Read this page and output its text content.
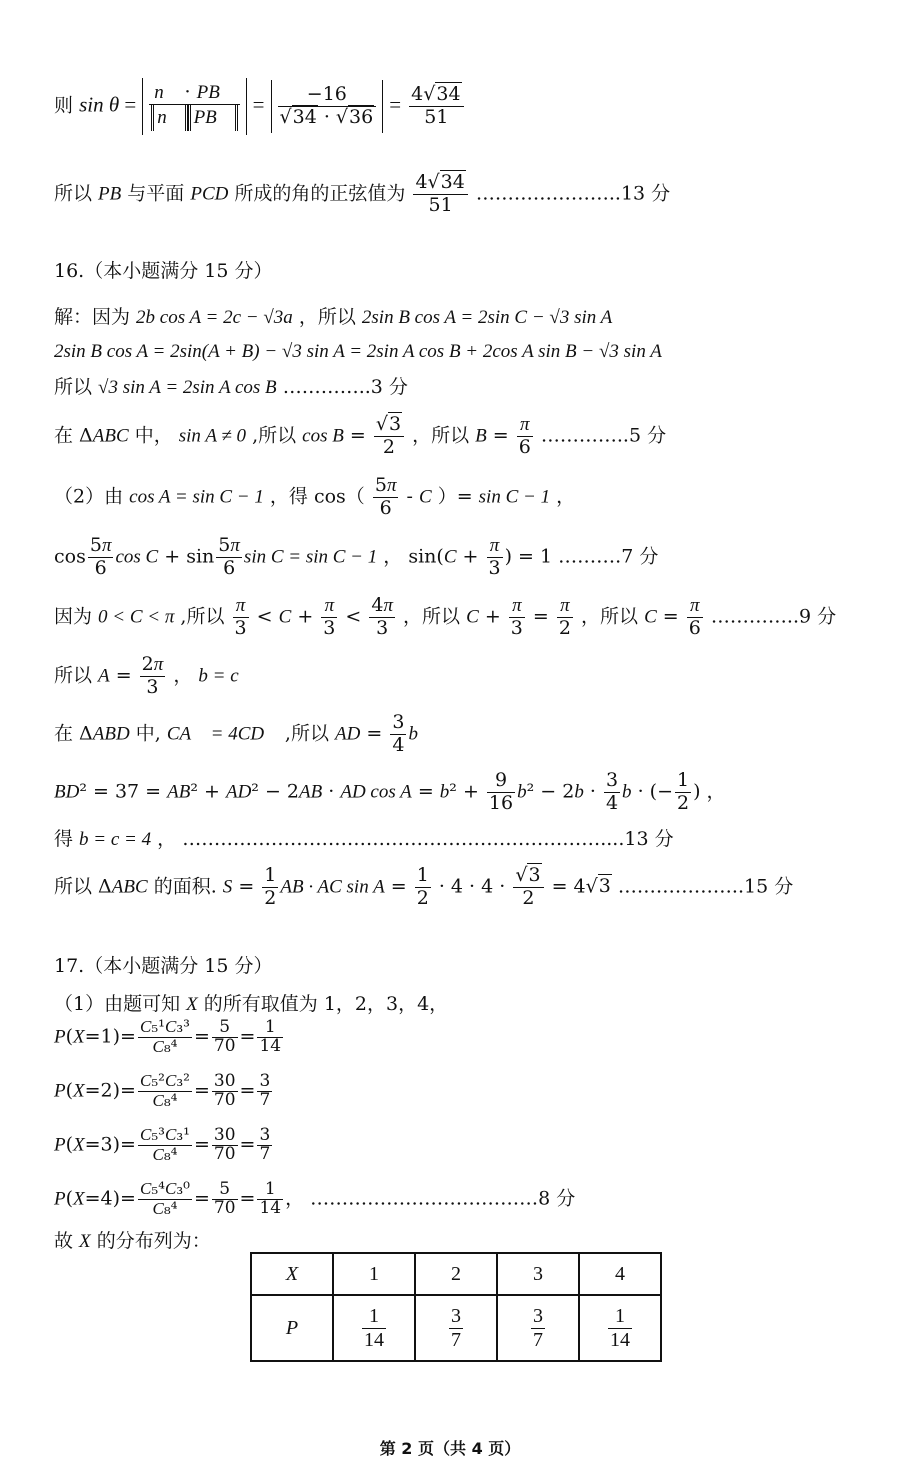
则 $\sin \theta = \frac{n⃗ \cdot PB⃗}{n⃗ PB⃗} = \frac{-16}{√34 \cdot √36} = \frac{4√34}{51}$
所以 PB 与平面 PCD 所成的角的正弦值为 $\frac{4√34}{51}$ …………………..13 分
16.（本小题满分 15 分）
解：因为 2b cos A = 2c − √3a ，所以 2sin B cos A = 2sin C − √3 sin A
2sin B cos A = 2sin(A + B) − √3 sin A = 2sin A cos B + 2cos A sin B − √3 sin A
所以 √3 sin A = 2sin A cos B …………..3 分
在 ΔABC 中， sin A ≠ 0 ,所以 $\cos B = \frac{√3}{2}$ ，所以 $B = \frac{\pi}{6}$ …………..5 分
（2）由 cos A = sin C − 1 ，得 $\cos( \frac{5\pi}{6}$ - C ）= sin C − 1 ，
$\cos \frac{5\pi}{6}$ $\cos C + \sin \frac{5\pi}{6}$ sin C = sin C − 1 ， $\sin(C + \frac{\pi}{3}$ ) = 1 ……….7 分
因为 0 < C < π ,所以 $\frac{\pi}{3} < C + \frac{\pi}{3} < \frac{4\pi}{3}$ ，所以 $C + \frac{\pi}{3} = \frac{\pi}{2}$ ，所以 $C = \frac{\pi}{6}$ …………..9 分
所以 $A = \frac{2\pi}{3}$ ， b = c
在 ΔABD 中, CA⃗ = 4CD⃗ ,所以 AD = $\frac{3}{4}$ b
BD² = 37 = AB² + AD² − 2AB · AD $\cos A = b^2 + \frac{9}{16} b^2 - 2b \cdot \frac{3}{4}$ b · (− $\frac{1}{2}$ ) ，
得 b = c = 4 ， …………………………………………………………....13 分
所以 ΔABC 的面积. $S = \frac{1}{2}$ AB · AC $\sin A = \frac{1}{2} \cdot 4 \cdot 4 \cdot \frac{√3}{2} = 4√3$ ………………..15 分
17.（本小题满分 15 分）
（1）由题可知 X 的所有取值为 1，2，3，4，
$P(X=1)= \frac{\text{C₅¹C₃³}}{\text{C₈⁴}} = \frac{5}{70} = \frac{1}{14}$
$P(X=2)= \frac{\text{C₅²C₃²}}{\text{C₈⁴}} = \frac{30}{70} = \frac{3}{7}$
$P(X=3)= \frac{\text{C₅³C₃¹}}{\text{C₈⁴}} = \frac{30}{70} = \frac{3}{7}$
$P(X=4)= \frac{\text{C₅⁴C₃⁰}}{\text{C₈⁴}} = \frac{5}{70} = \frac{1}{14}$ ， ………………………………8 分
故 X 的分布列为：
X	1	2	3	4
P	$\frac{1}{14}$	$\frac{3}{7}$	$\frac{3}{7}$	$\frac{1}{14}$
第 2 页（共 4 页）
